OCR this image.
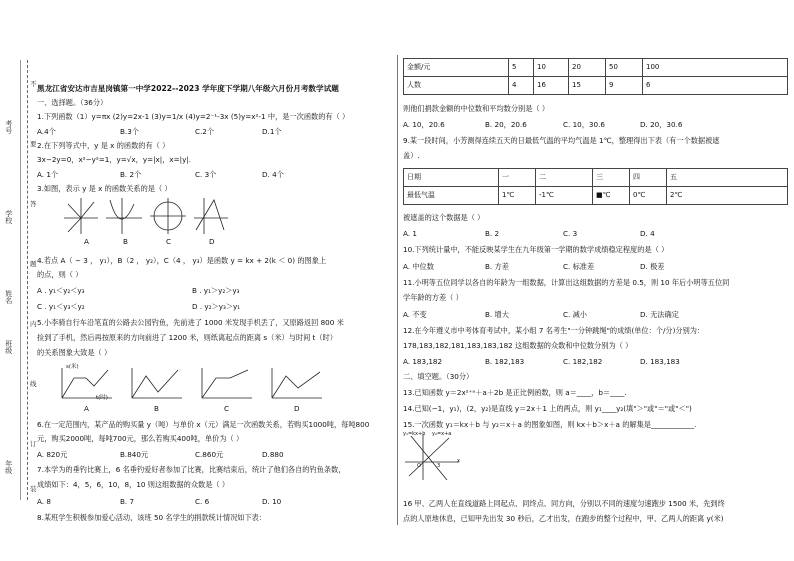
考号
学校
姓名
班级
年级
不
要
答
题
内
线
订
装
黑龙江省安达市吉星岗镇第一中学2022--2023 学年度下学期八年级六月份月考数学试题
一、选择题。（36分）
1.下列函数（1）y=πx (2)y=2x-1 (3)y=1/x (4)y=2⁻¹-3x (5)y=x²-1 中，是一次函数的有（ ）
A.4个	B.3个	C.2个	D.1个
2.在下列等式中，y 是 x 的函数的有（ ）
3x−2y=0，x²−y²=1，y=√x，y=|x|，x=|y|.
A. 1个	B. 2个	C. 3个	D. 4个
3.如图，表示 y 是 x 的函数关系的是（ ）
A	B	C	D
4.若点 A（ − 3 ， y₁），B（2 ， y₂），C（4 ， y₃）是函数 y = kx + 2(k ＜ 0) 的图象上
的点，则（ ）
A . y₁＜y₂＜y₃	B . y₁＞y₂＞y₃
C . y₁＜y₃＜y₂	D . y₂＞y₃＞y₁
5.小李骑自行车沿笔直的公路去公园钓鱼，先前进了 1000 米发现手机丢了，又原路返回 800 米
捡到了手机，然后再按原来的方向前进了 1200 米，则纸离起点的距离 s（米）与时间 t（时）
的关系图象大致是（ ）
s(米)
t(时)
A	B	C	D
6.在一定范围内，某产品的购买量 y（吨）与单价 x（元）满足一次函数关系，若购买1000吨，每吨800
元，购买2000吨，每吨700元，那么若购买400吨，单价为（ ）
A. 820元	B.840元	C.860元	D.880
7.本学为的垂钓比赛上，6 名垂钓爱好者参加了比赛，比赛结束后，统计了他们各自的钓鱼条数，
成绩如下：4，5，6，10，8，10 则这组数据的众数是（ ）
A. 8	B. 7	C. 6	D. 10
8.某班学生积极参加爱心活动，该班 50 名学生的捐款统计情况如下表：
金额/元	5	10	20	50	100
人数	4	16	15	9	6
则他们捐款金额的中位数和平均数分别是（ ）
A. 10，20.6	B. 20，20.6	C. 10，30.6	D. 20，30.6
9.某一段时间，小芳测得连续五天的日最低气温的平均气温是 1℃，整理得出下表（有一个数据被遮
盖）.
日期	一	二	三	四	五
最低气温	1℃	-1℃	■℃	0℃	2℃
被遮盖的这个数据是（ ）
A. 1	B. 2	C. 3	D. 4
10.下列统计量中，不能反映某学生在九年级第一学期的数学成绩稳定程度的是（ ）
A. 中位数	B. 方差	C. 标准差	D. 极差
11.小明等五位同学以各自的年龄为一组数据，计算出这组数据的方差是 0.5，则 10 年后小明等五位同
学年龄的方差（ ）
A. 不变	B. 增大	C. 减小	D. 无法确定
12.在今年遵义市中考体育考试中，某小组 7 名考生"一分钟跳绳"的成绩(单位：个/分)分别为：
178,183,182,181,183,183,182 这组数据的众数和中位数分别为（ ）
A. 183,182	B. 182,183	C. 182,182	D. 183,183
二、填空题。（30分）
13.已知函数 y＝2x²⁺ᵃ＋a＋2b 是正比例函数，则 a＝____，b＝____.
14.已知(−1，y₁)，(2，y₂)是直线 y＝2x＋1 上的两点，则 y₁____y₂(填"＞"或"＝"或"＜")
15.一次函数 y₁＝kx＋b 与 y₂＝x＋a 的图象如图，则 kx＋b＞x＋a 的解集是____________.
y₁=kx+b y₂=x+a
O	3
x
16 甲、乙两人在直线道路上同起点、同终点、同方向，分别以不同的速度匀速跑步 1500 米，先到终
点的人原地休息，已知甲先出发 30 秒后，乙才出发，在跑步的整个过程中，甲、乙两人的距离 y(米)
